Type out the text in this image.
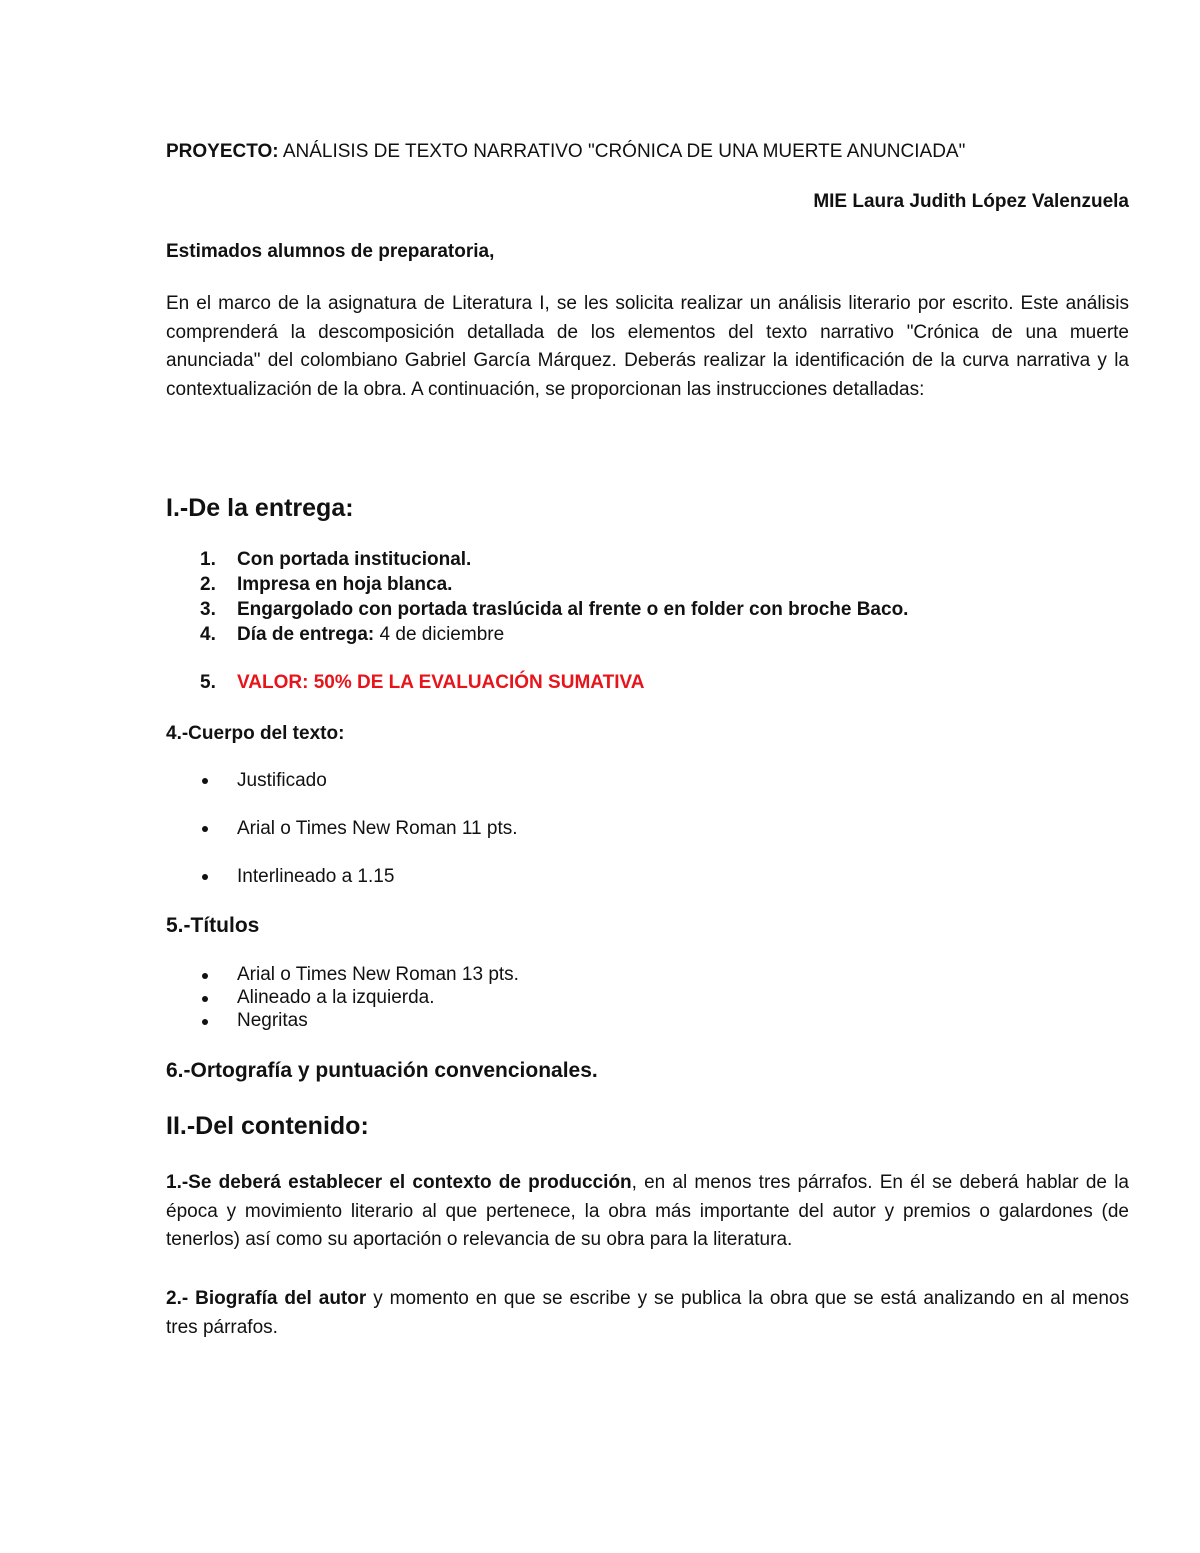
PROYECTO: ANÁLISIS DE TEXTO NARRATIVO "CRÓNICA DE UNA MUERTE ANUNCIADA"
MIE Laura Judith López Valenzuela
Estimados alumnos de preparatoria,
En el marco de la asignatura de Literatura I, se les solicita realizar un análisis literario por escrito. Este análisis comprenderá la descomposición detallada de los elementos del texto narrativo "Crónica de una muerte anunciada" del colombiano Gabriel García Márquez. Deberás realizar la identificación de la curva narrativa y la contextualización de la obra. A continuación, se proporcionan las instrucciones detalladas:
I.-De la entrega:
1. Con portada institucional.
2. Impresa en hoja blanca.
3. Engargolado con portada traslúcida al frente o en folder con broche Baco.
4. Día de entrega: 4 de diciembre
5. VALOR: 50% DE LA EVALUACIÓN SUMATIVA
4.-Cuerpo del texto:
Justificado
Arial o Times New Roman 11 pts.
Interlineado a 1.15
5.-Títulos
Arial o Times New Roman 13 pts.
Alineado a la izquierda.
Negritas
6.-Ortografía y puntuación convencionales.
II.-Del contenido:
1.-Se deberá establecer el contexto de producción, en al menos tres párrafos. En él se deberá hablar de la época y movimiento literario al que pertenece, la obra más importante del autor y premios o galardones (de tenerlos) así como su aportación o relevancia de su obra para la literatura.
2.- Biografía del autor y momento en que se escribe y se publica la obra que se está analizando en al menos tres párrafos.
